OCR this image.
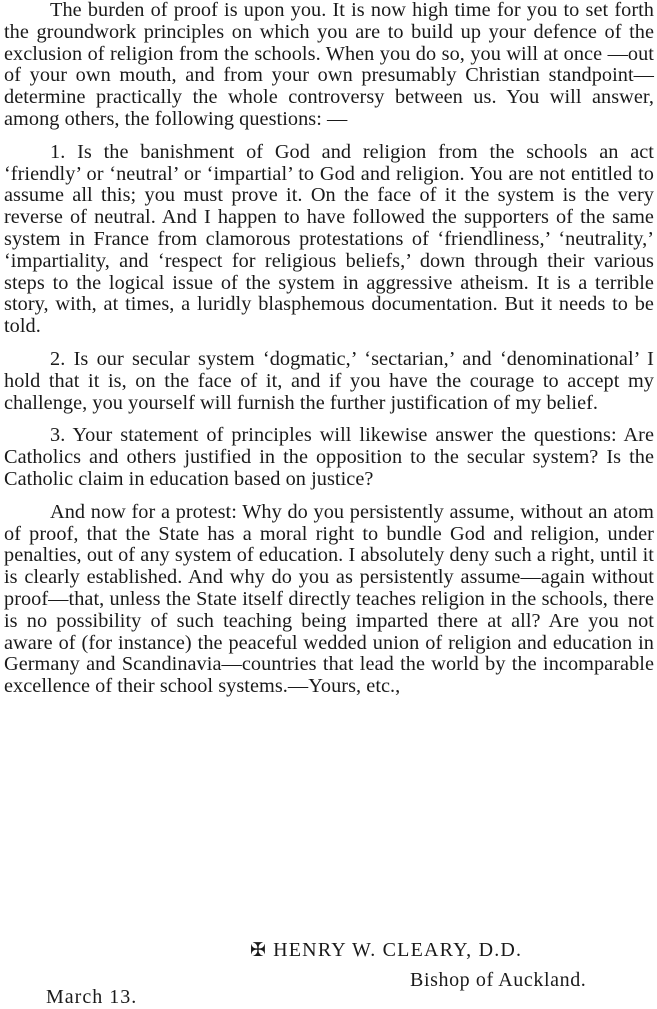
The burden of proof is upon you. It is now high time for you to set forth the groundwork principles on which you are to build up your defence of the exclusion of religion from the schools. When you do so, you will at once —out of your own mouth, and from your own presumably Christian standpoint—determine practically the whole controversy between us. You will answer, among others, the following questions: —

1. Is the banishment of God and religion from the schools an act ‘friendly’ or ‘neutral’ or ‘impartial’ to God and religion. You are not entitled to assume all this; you must prove it. On the face of it the system is the very reverse of neutral. And I happen to have followed the supporters of the same system in France from clamorous protestations of ‘friendliness,’ ‘neutrality,’ ‘impartiality, and ‘respect for religious beliefs,’ down through their various steps to the logical issue of the system in aggressive atheism. It is a terrible story, with, at times, a luridly blasphemous documentation. But it needs to be told.

2. Is our secular system ‘dogmatic,’ ‘sectarian,’ and ‘denominational’ I hold that it is, on the face of it, and if you have the courage to accept my challenge, you yourself will furnish the further justification of my belief.

3. Your statement of principles will likewise answer the questions: Are Catholics and others justified in the opposition to the secular system? Is the Catholic claim in education based on justice?

And now for a protest: Why do you persistently assume, without an atom of proof, that the State has a moral right to bundle God and religion, under penalties, out of any system of education. I absolutely deny such a right, until it is clearly established. And why do you as persistently assume—again without proof—that, unless the State itself directly teaches religion in the schools, there is no possibility of such teaching being imparted there at all? Are you not aware of (for instance) the peaceful wedded union of religion and education in Germany and Scandinavia—countries that lead the world by the incomparable excellence of their school systems.—Yours, etc.,

✠ HENRY W. CLEARY, D.D.
Bishop of Auckland.
March 13.
